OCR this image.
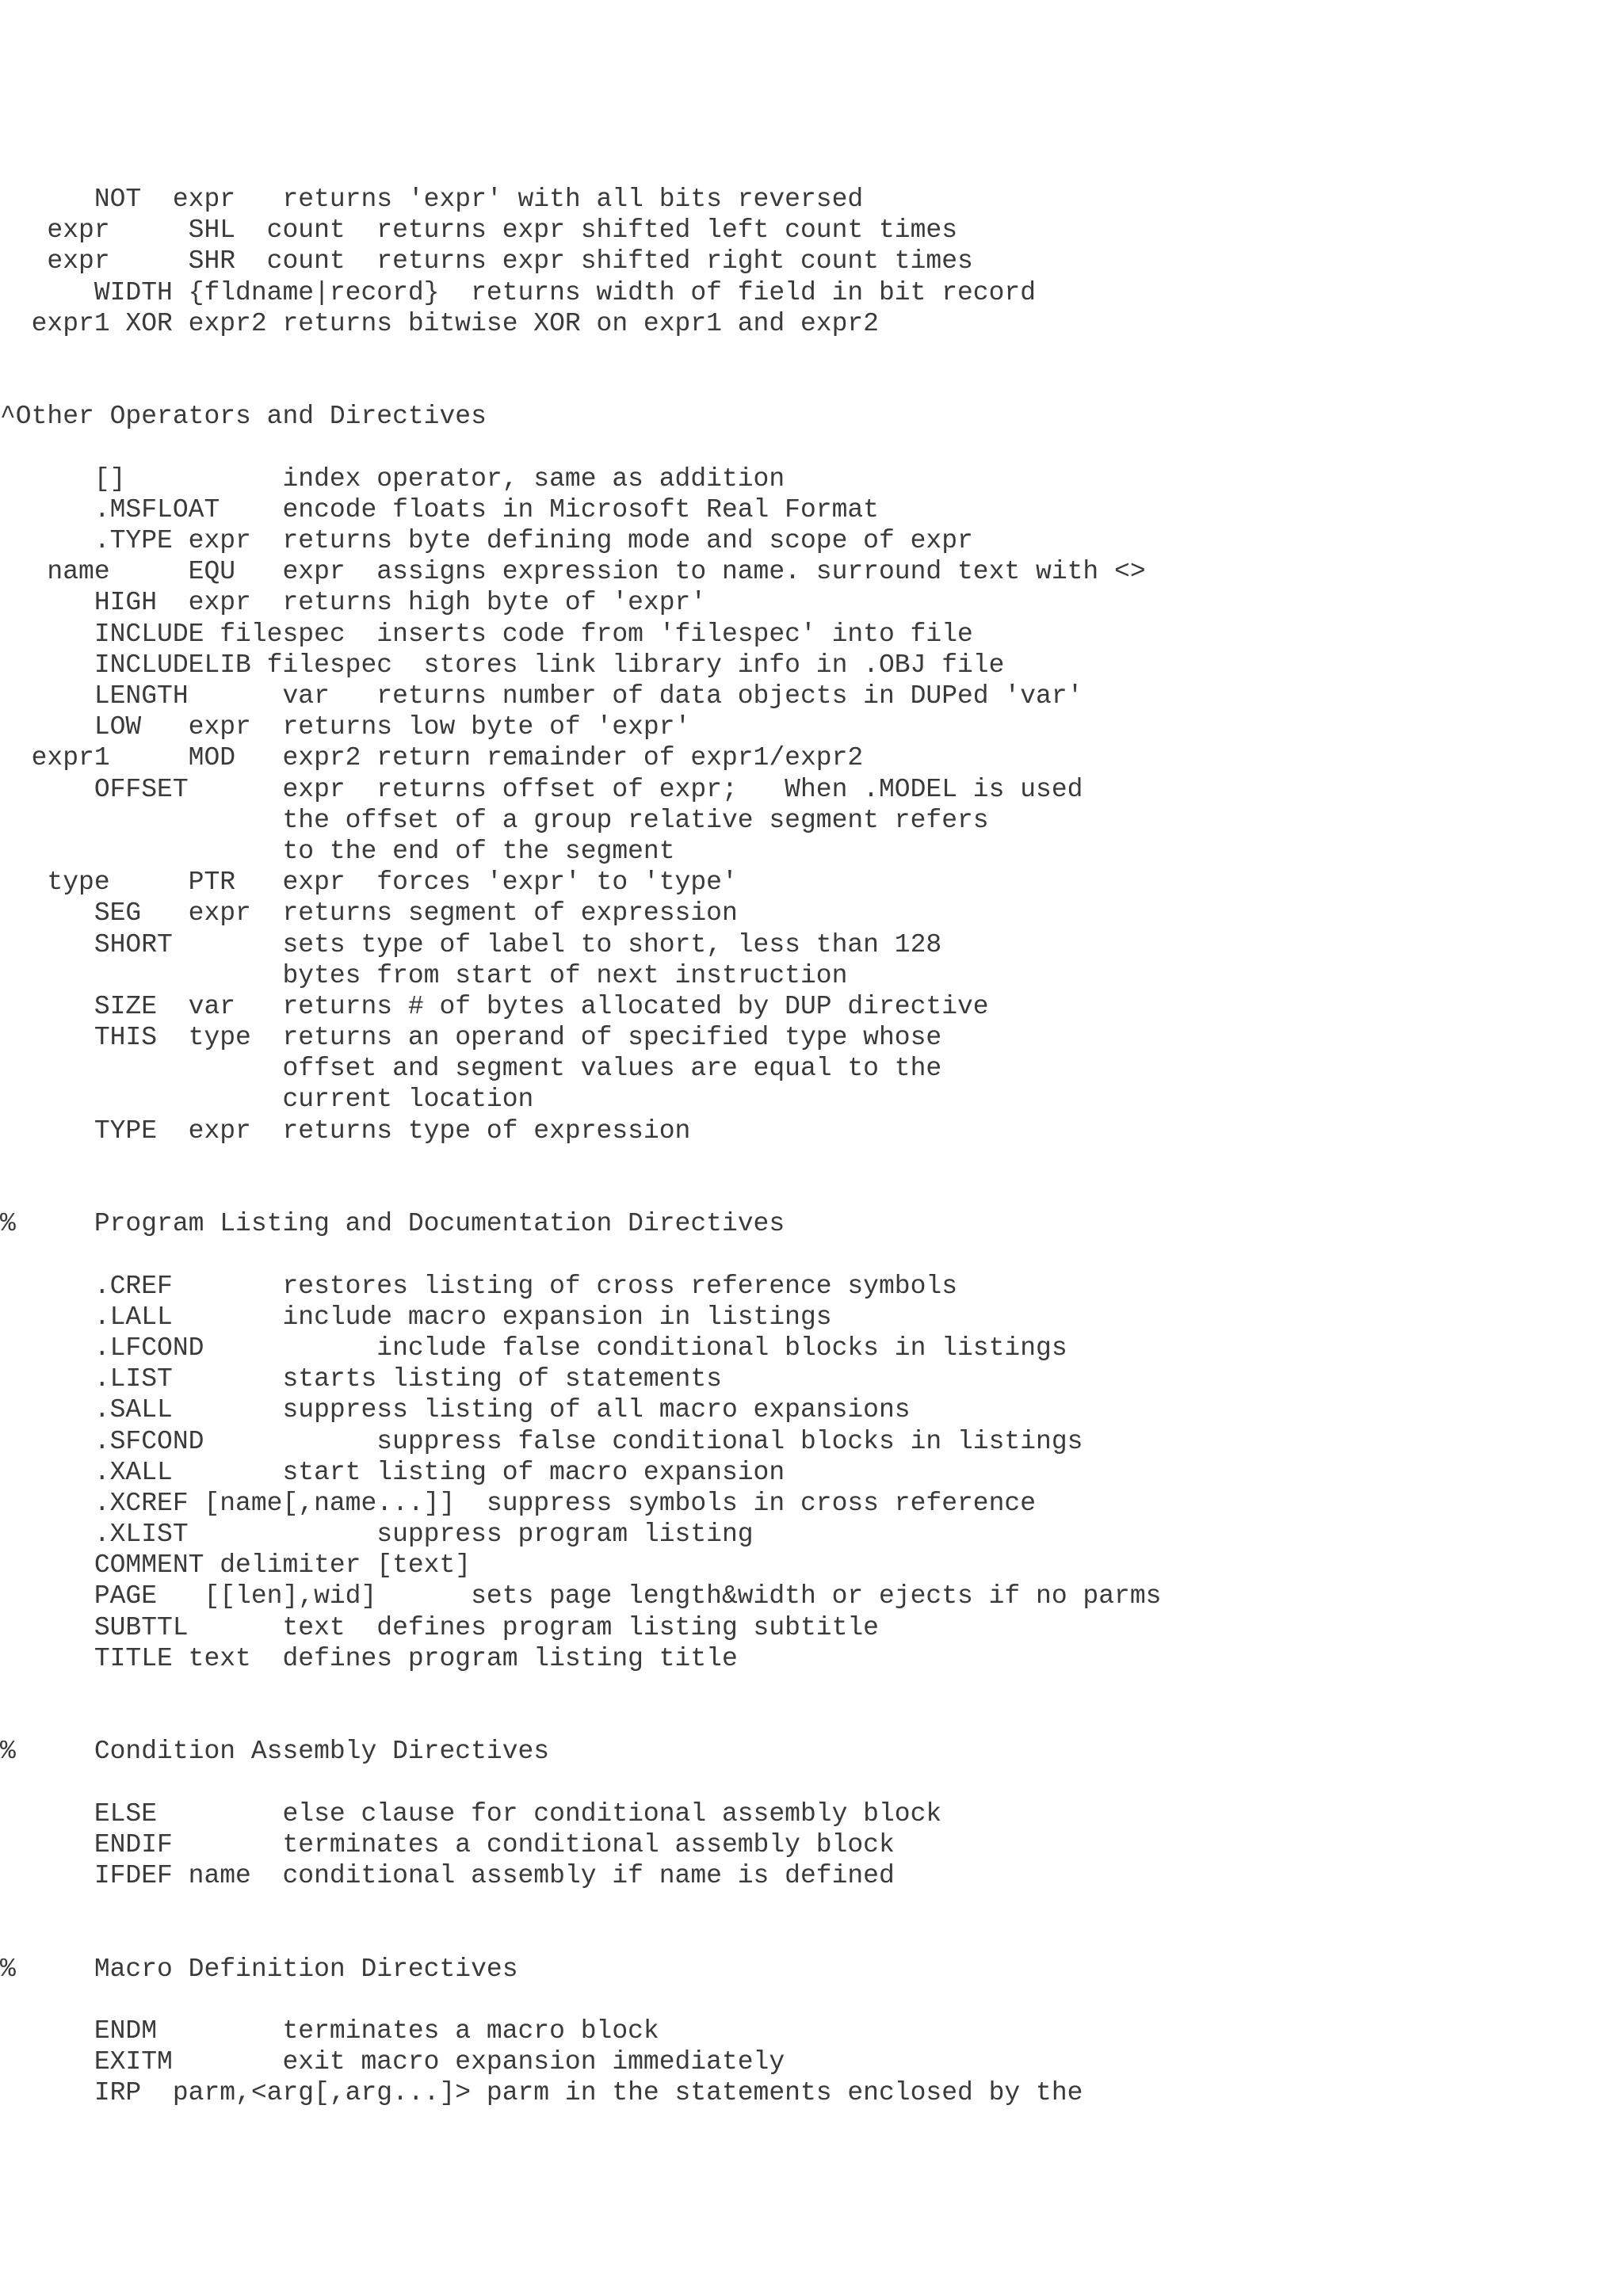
NOT  expr   returns 'expr' with all bits reversed
expr     SHL  count  returns expr shifted left count times
expr     SHR  count  returns expr shifted right count times
WIDTH {fldname|record}  returns width of field in bit record
expr1 XOR expr2 returns bitwise XOR on expr1 and expr2
^Other Operators and Directives
[]          index operator, same as addition
.MSFLOAT    encode floats in Microsoft Real Format
.TYPE expr  returns byte defining mode and scope of expr
name     EQU   expr  assigns expression to name. surround text with <>
HIGH  expr  returns high byte of 'expr'
INCLUDE filespec  inserts code from 'filespec' into file
INCLUDELIB filespec  stores link library info in .OBJ file
LENGTH      var   returns number of data objects in DUPed 'var'
LOW   expr  returns low byte of 'expr'
expr1     MOD   expr2 return remainder of expr1/expr2
OFFSET      expr  returns offset of expr;   When .MODEL is used
the offset of a group relative segment refers
to the end of the segment
type     PTR   expr  forces 'expr' to 'type'
SEG   expr  returns segment of expression
SHORT       sets type of label to short, less than 128
bytes from start of next instruction
SIZE  var   returns # of bytes allocated by DUP directive
THIS  type  returns an operand of specified type whose
offset and segment values are equal to the
current location
TYPE  expr  returns type of expression
%     Program Listing and Documentation Directives
.CREF       restores listing of cross reference symbols
.LALL       include macro expansion in listings
.LFCOND           include false conditional blocks in listings
.LIST       starts listing of statements
.SALL       suppress listing of all macro expansions
.SFCOND           suppress false conditional blocks in listings
.XALL       start listing of macro expansion
.XCREF [name[,name...]]  suppress symbols in cross reference
.XLIST            suppress program listing
COMMENT delimiter [text]
PAGE   [[len],wid]      sets page length&width or ejects if no parms
SUBTTL      text  defines program listing subtitle
TITLE text  defines program listing title
%     Condition Assembly Directives
ELSE        else clause for conditional assembly block
ENDIF       terminates a conditional assembly block
IFDEF name  conditional assembly if name is defined
%     Macro Definition Directives
ENDM        terminates a macro block
EXITM       exit macro expansion immediately
IRP  parm,<arg[,arg...]> parm in the statements enclosed by the
